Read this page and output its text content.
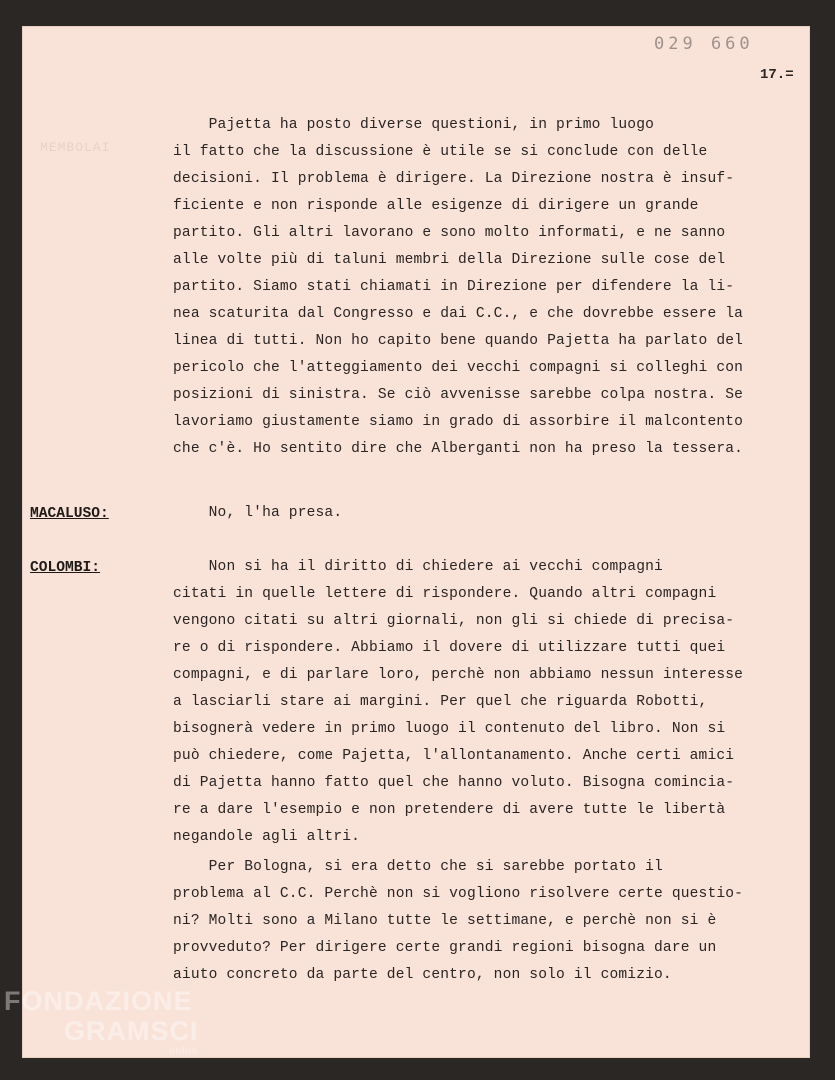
029 660
17.=
MEMBOLAI
Pajetta ha posto diverse questioni, in primo luogo
il fatto che la discussione è utile se si conclude con delle
decisioni. Il problema è dirigere. La Direzione nostra è insuf-
ficiente e non risponde alle esigenze di dirigere un grande
partito. Gli altri lavorano e sono molto informati, e ne sanno
alle volte più di taluni membri della Direzione sulle cose del
partito. Siamo stati chiamati in Direzione per difendere la li-
nea scaturita dal Congresso e dai C.C., e che dovrebbe essere la
linea di tutti. Non ho capito bene quando Pajetta ha parlato del
pericolo che l'atteggiamento dei vecchi compagni si colleghi con
posizioni di sinistra. Se ciò avvenisse sarebbe colpa nostra. Se
lavoriamo giustamente siamo in grado di assorbire il malcontento
che c'è. Ho sentito dire che Alberganti non ha preso la tessera.
MACALUSO:	No, l'ha presa.
COLOMBI:	Non si ha il diritto di chiedere ai vecchi compagni
citati in quelle lettere di rispondere. Quando altri compagni
vengono citati su altri giornali, non gli si chiede di precisa-
re o di rispondere. Abbiamo il dovere di utilizzare tutti quei
compagni, e di parlare loro, perchè non abbiamo nessun interesse
a lasciarli stare ai margini. Per quel che riguarda Robotti,
bisognerà vedere in primo luogo il contenuto del libro. Non si
può chiedere, come Pajetta, l'allontanamento. Anche certi amici
di Pajetta hanno fatto quel che hanno voluto. Bisogna comincia-
re a dare l'esempio e non pretendere di avere tutte le libertà
negandole agli altri.
Per Bologna, si era detto che si sarebbe portato il
problema al C.C. Perchè non si vogliono risolvere certe questio-
ni? Molti sono a Milano tutte le settimane, e perchè non si è
provveduto? Per dirigere certe grandi regioni bisogna dare un
aiuto concreto da parte del centro, non solo il comizio.
FONDAZIONE
GRAMSCI
onlus
